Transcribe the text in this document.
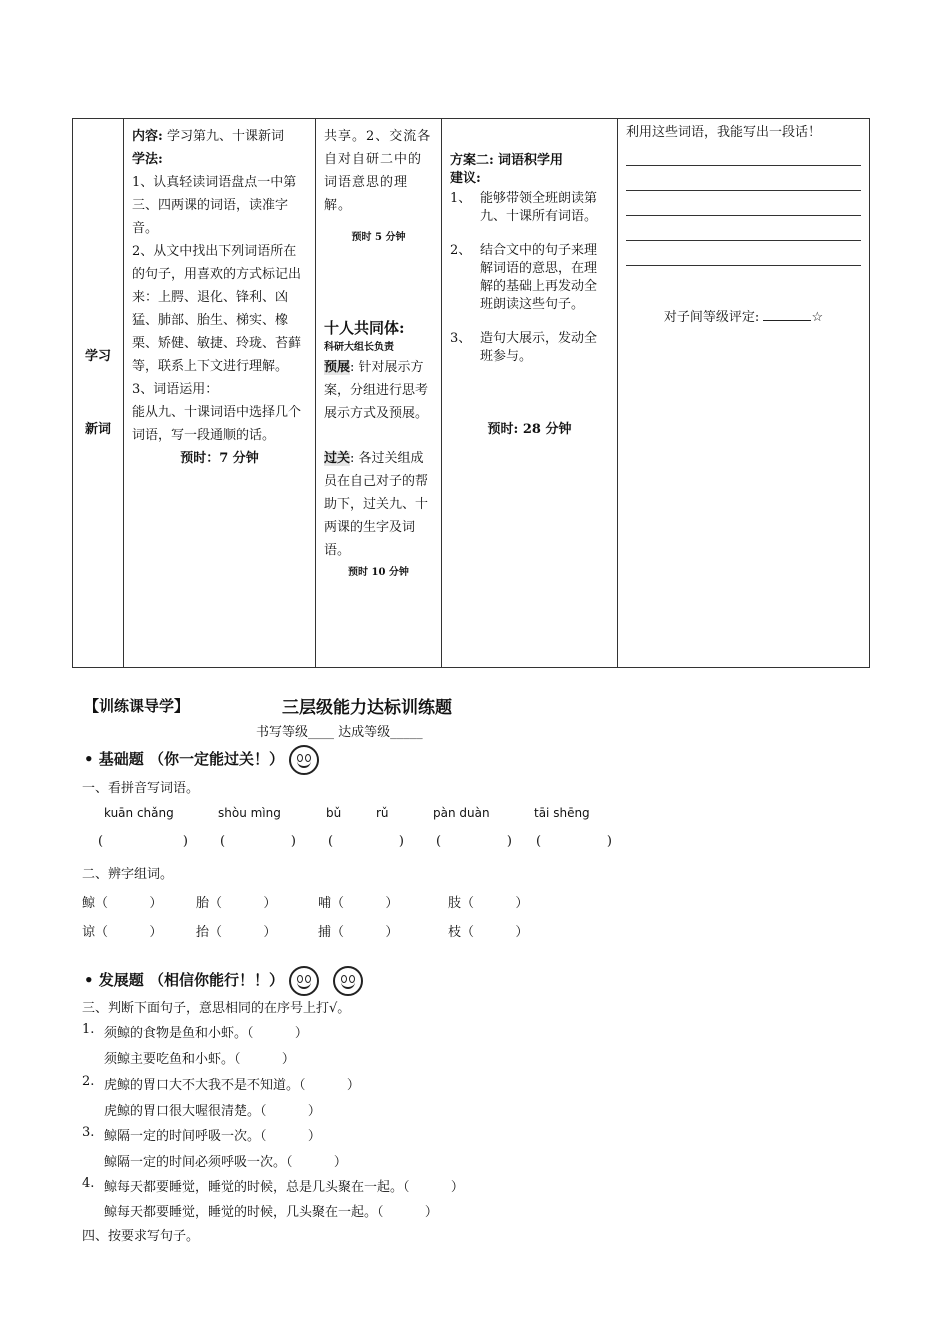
学习
新词

内容: 学习第九、十课新词
学法:
1、认真轻读词语盘点一中第三、四两课的词语，读准字音。
2、从文中找出下列词语所在的句子，用喜欢的方式标记出来：上腭、退化、锋利、凶猛、肺部、胎生、梯实、橡栗、矫健、敏捷、玲珑、苔藓等，联系上下文进行理解。
3、词语运用：
能从九、十课词语中选择几个词语，写一段通顺的话。
预时：7 分钟

共享。2、交流各自对自研二中的词语意思的理解。
预时 5 分钟
十人共同体:
科研大组长负责
预展: 针对展示方案，分组进行思考展示方式及预展。
过关: 各过关组成员在自己对子的帮助下，过关九、十两课的生字及词语。
预时 10 分钟

方案二: 词语积学用
建议:
1、 能够带领全班朗读第九、十课所有词语。
2、 结合文中的句子来理解词语的意思，在理解的基础上再发动全班朗读这些句子。
3、 造句大展示，发动全班参与。
预时: 28 分钟

利用这些词语，我能写出一段话！
对子间等级评定:	☆
【训练课导学】	三层级能力达标训练题
书写等级____ 达成等级_____
• 基础题 （你一定能过关！）
一、看拼音写词语。
kuān chǎng	shòu mìng	bǔ	rǔ	pàn duàn	tāi shēng
(	) (	) (	) (	) (	)
二、辨字组词。
鲸（          ）	胎（          ）	哺（          ）	肢（          ）
谅（          ）	抬（          ）	捕（          ）	枝（          ）
• 发展题 （相信你能行！！）

三、判断下面句子，意思相同的在序号上打√。
1. 须鲸的食物是鱼和小虾。（          ）
须鲸主要吃鱼和小虾。（          ）
2. 虎鲸的胃口大不大我不是不知道。（          ）
虎鲸的胃口很大喔很清楚。（          ）
3. 鲸隔一定的时间呼吸一次。（          ）
鲸隔一定的时间必须呼吸一次。（          ）
4. 鲸每天都要睡觉，睡觉的时候，总是几头聚在一起。（          ）
鲸每天都要睡觉，睡觉的时候，几头聚在一起。（          ）
四、按要求写句子。
